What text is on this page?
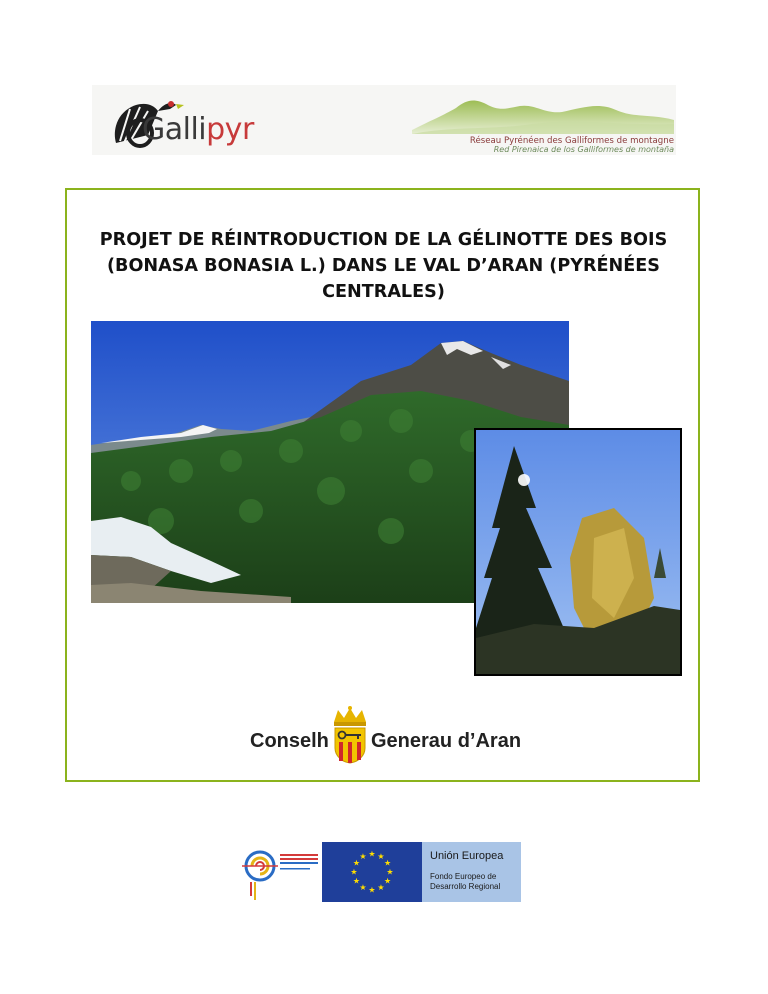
Gallipyr	Réseau Pyrénéen des Galliformes de montagne
Red Pirenaica de los Galliformes de montaña
PROJET DE RÉINTRODUCTION DE LA GÉLINOTTE DES BOIS
(BONASA BONASIA L.) DANS LE VAL D’ARAN (PYRÉNÉES
CENTRALES)
Conselh Generau d’Aran
★ ★
★
★
★
★
★
★
★
★
★
★	Unión Europea
Fondo Europeo de
Desarrollo Regional
